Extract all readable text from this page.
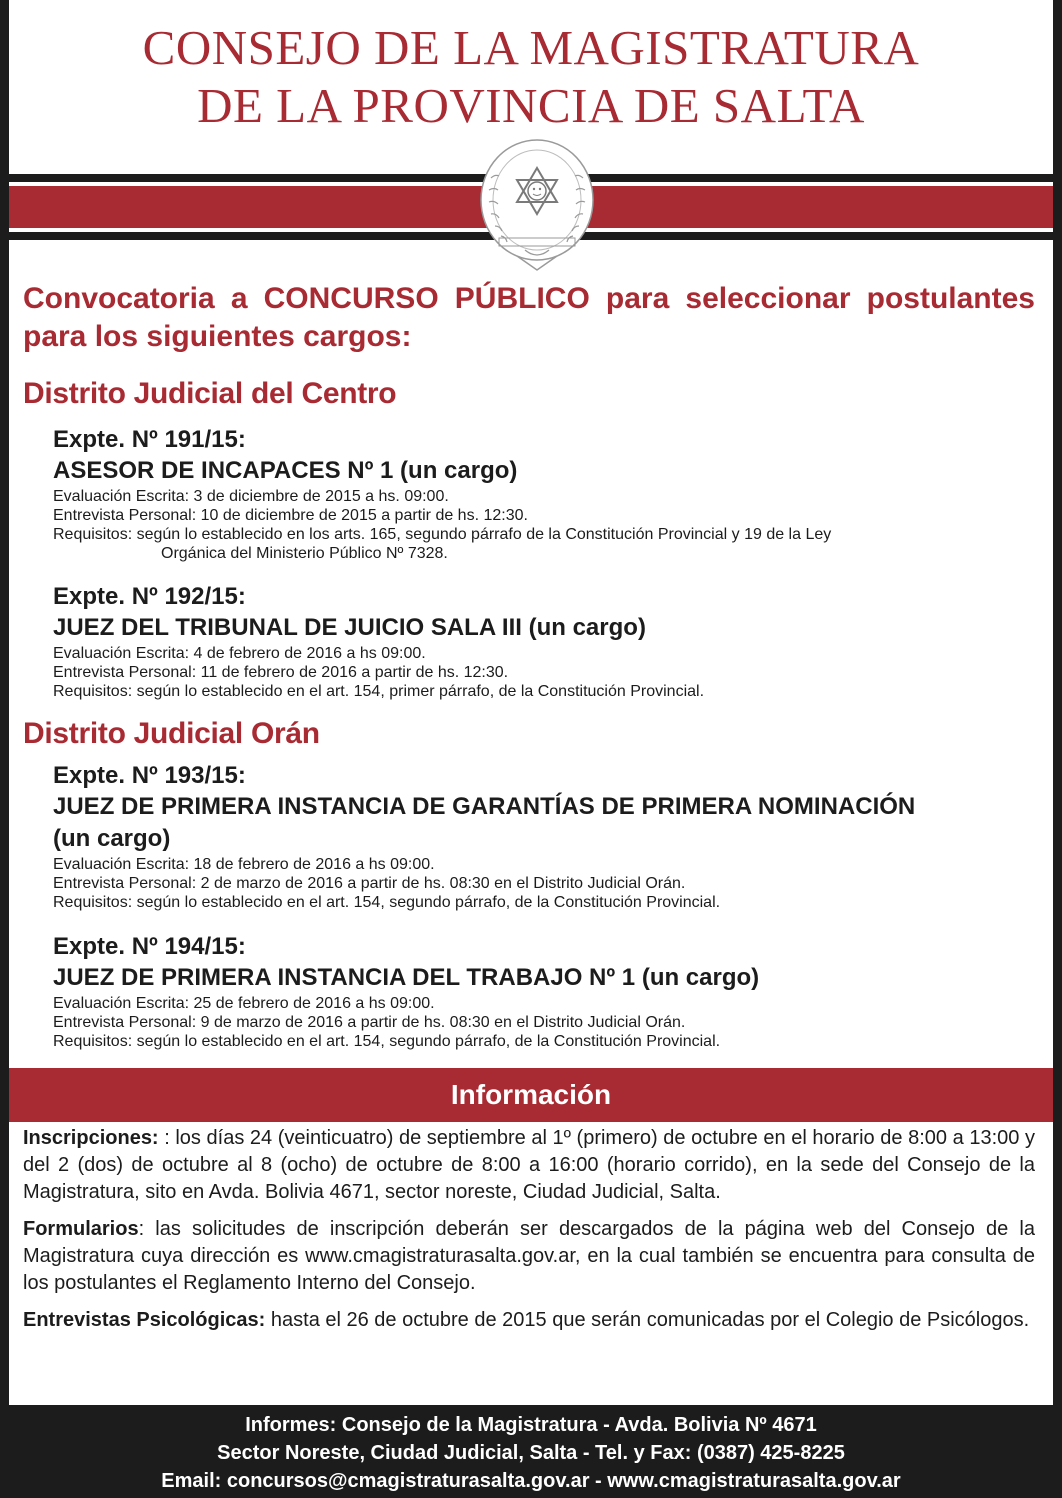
CONSEJO DE LA MAGISTRATURA
DE LA PROVINCIA DE SALTA
Convocatoria a CONCURSO PÚBLICO para seleccionar postulantes para los siguientes cargos:
Distrito Judicial del Centro
Expte. Nº 191/15:
ASESOR DE INCAPACES Nº 1 (un cargo)
Evaluación Escrita: 3 de diciembre de 2015 a hs. 09:00.
Entrevista Personal: 10 de diciembre de 2015 a partir de hs. 12:30.
Requisitos: según lo establecido en los arts. 165, segundo párrafo de la Constitución Provincial y 19 de la Ley
Orgánica del Ministerio Público Nº 7328.
Expte. Nº 192/15:
JUEZ DEL TRIBUNAL DE JUICIO SALA III (un cargo)
Evaluación Escrita: 4 de febrero de 2016 a hs 09:00.
Entrevista Personal: 11 de febrero de 2016 a partir de hs. 12:30.
Requisitos: según lo establecido en el art. 154, primer párrafo, de la Constitución Provincial.
Distrito Judicial Orán
Expte. Nº 193/15:
JUEZ DE PRIMERA INSTANCIA DE GARANTÍAS DE PRIMERA NOMINACIÓN (un cargo)
Evaluación Escrita: 18 de febrero de 2016 a hs 09:00.
Entrevista Personal: 2 de marzo de 2016 a partir de hs. 08:30 en el Distrito Judicial Orán.
Requisitos: según lo establecido en el art. 154, segundo párrafo, de la Constitución Provincial.
Expte. Nº 194/15:
JUEZ DE PRIMERA INSTANCIA DEL TRABAJO Nº 1 (un cargo)
Evaluación Escrita: 25 de febrero de 2016 a hs 09:00.
Entrevista Personal: 9 de marzo de 2016 a partir de hs. 08:30 en el Distrito Judicial Orán.
Requisitos: según lo establecido en el art. 154, segundo párrafo, de la Constitución Provincial.
Información

Inscripciones: : los días 24 (veinticuatro) de septiembre al 1º (primero) de octubre en el horario de 8:00 a 13:00 y del 2 (dos) de octubre al 8 (ocho) de octubre de 8:00 a 16:00 (horario corrido), en la sede del Consejo de la Magistratura, sito en Avda. Bolivia 4671, sector noreste, Ciudad Judicial, Salta.

Formularios: las solicitudes de inscripción deberán ser descargados de la página web del Consejo de la Magistratura cuya dirección es www.cmagistraturasalta.gov.ar, en la cual también se encuentra para consulta de los postulantes el Reglamento Interno del Consejo.

Entrevistas Psicológicas: hasta el 26 de octubre de 2015 que serán comunicadas por el Colegio de Psicólogos.

Informes: Consejo de la Magistratura - Avda. Bolivia Nº 4671
Sector Noreste, Ciudad Judicial, Salta - Tel. y Fax: (0387) 425-8225
Email: concursos@cmagistraturasalta.gov.ar - www.cmagistraturasalta.gov.ar
